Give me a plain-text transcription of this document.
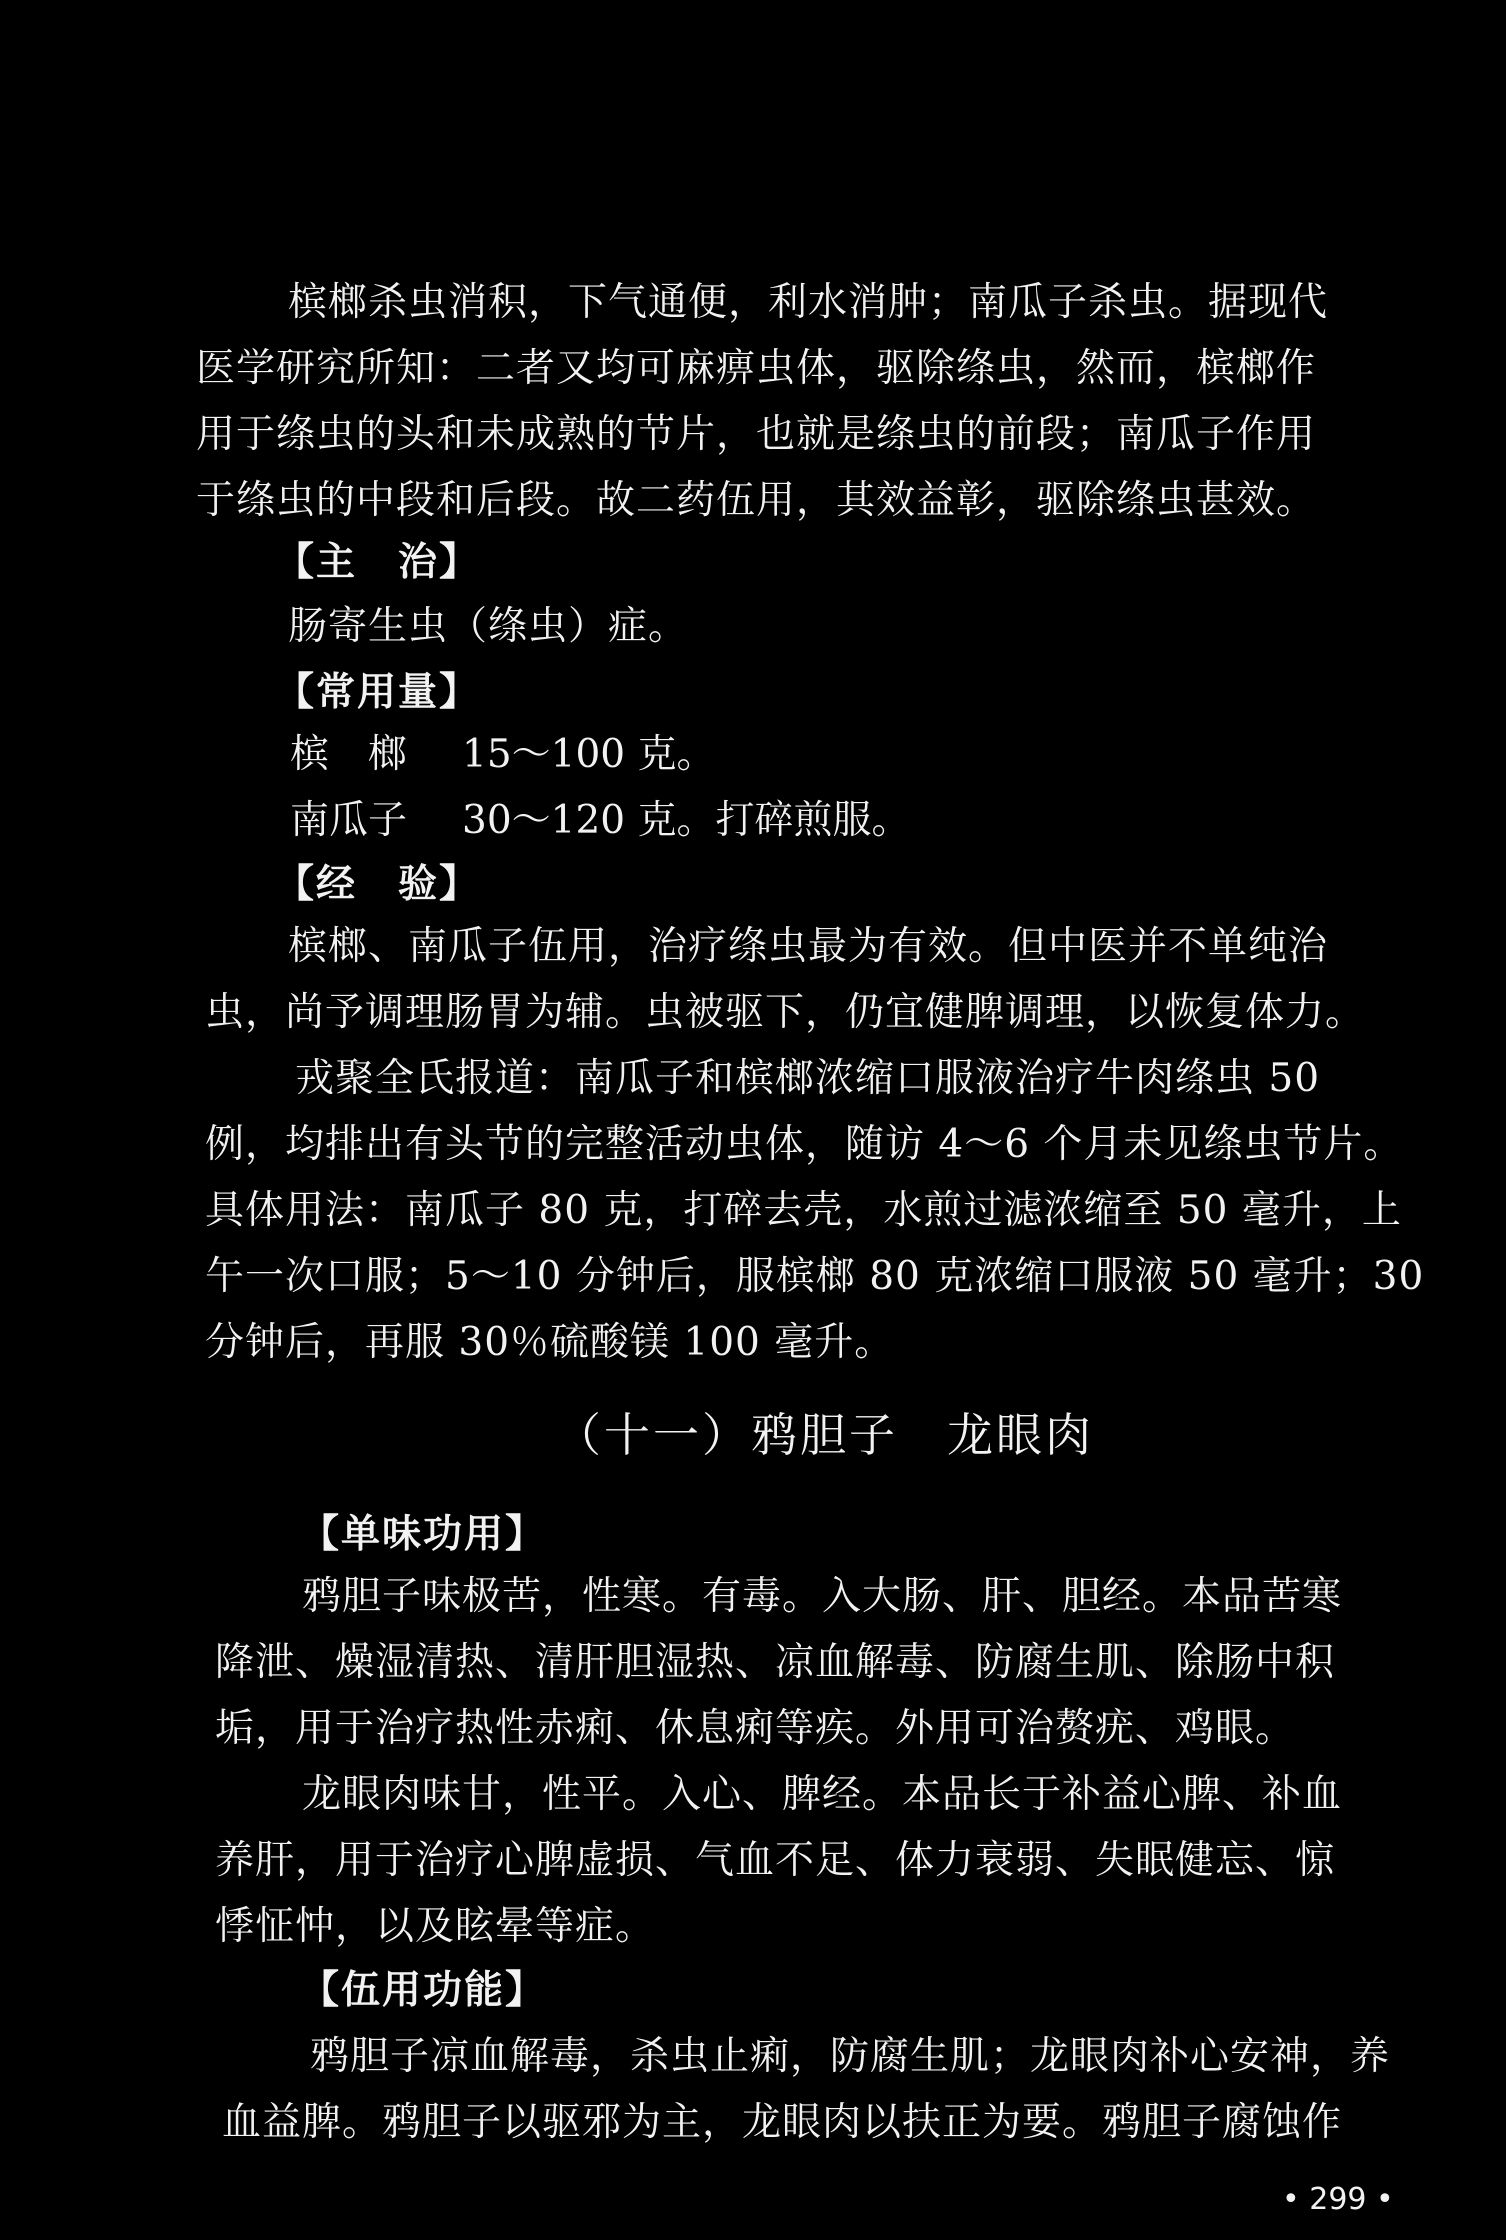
槟榔杀虫消积，下气通便，利水消肿；南瓜子杀虫。据现代
医学研究所知：二者又均可麻痹虫体，驱除绦虫，然而，槟榔作
用于绦虫的头和未成熟的节片，也就是绦虫的前段；南瓜子作用
于绦虫的中段和后段。故二药伍用，其效益彰，驱除绦虫甚效。
【主　治】
肠寄生虫（绦虫）症。
【常用量】
槟　榔 15～100 克。
南瓜子 30～120 克。打碎煎服。
【经　验】
槟榔、南瓜子伍用，治疗绦虫最为有效。但中医并不单纯治
虫，尚予调理肠胃为辅。虫被驱下，仍宜健脾调理，以恢复体力。
戎聚全氏报道：南瓜子和槟榔浓缩口服液治疗牛肉绦虫 50
例，均排出有头节的完整活动虫体，随访 4～6 个月未见绦虫节片。
具体用法：南瓜子 80 克，打碎去壳，水煎过滤浓缩至 50 毫升，上
午一次口服；5～10 分钟后，服槟榔 80 克浓缩口服液 50 毫升；30
分钟后，再服 30％硫酸镁 100 毫升。
（十一）鸦胆子　龙眼肉
【单味功用】
鸦胆子味极苦，性寒。有毒。入大肠、肝、胆经。本品苦寒
降泄、燥湿清热、清肝胆湿热、凉血解毒、防腐生肌、除肠中积
垢，用于治疗热性赤痢、休息痢等疾。外用可治赘疣、鸡眼。
龙眼肉味甘，性平。入心、脾经。本品长于补益心脾、补血
养肝，用于治疗心脾虚损、气血不足、体力衰弱、失眠健忘、惊
悸怔忡，以及眩晕等症。
【伍用功能】
鸦胆子凉血解毒，杀虫止痢，防腐生肌；龙眼肉补心安神，养
血益脾。鸦胆子以驱邪为主，龙眼肉以扶正为要。鸦胆子腐蚀作
• 299 •
